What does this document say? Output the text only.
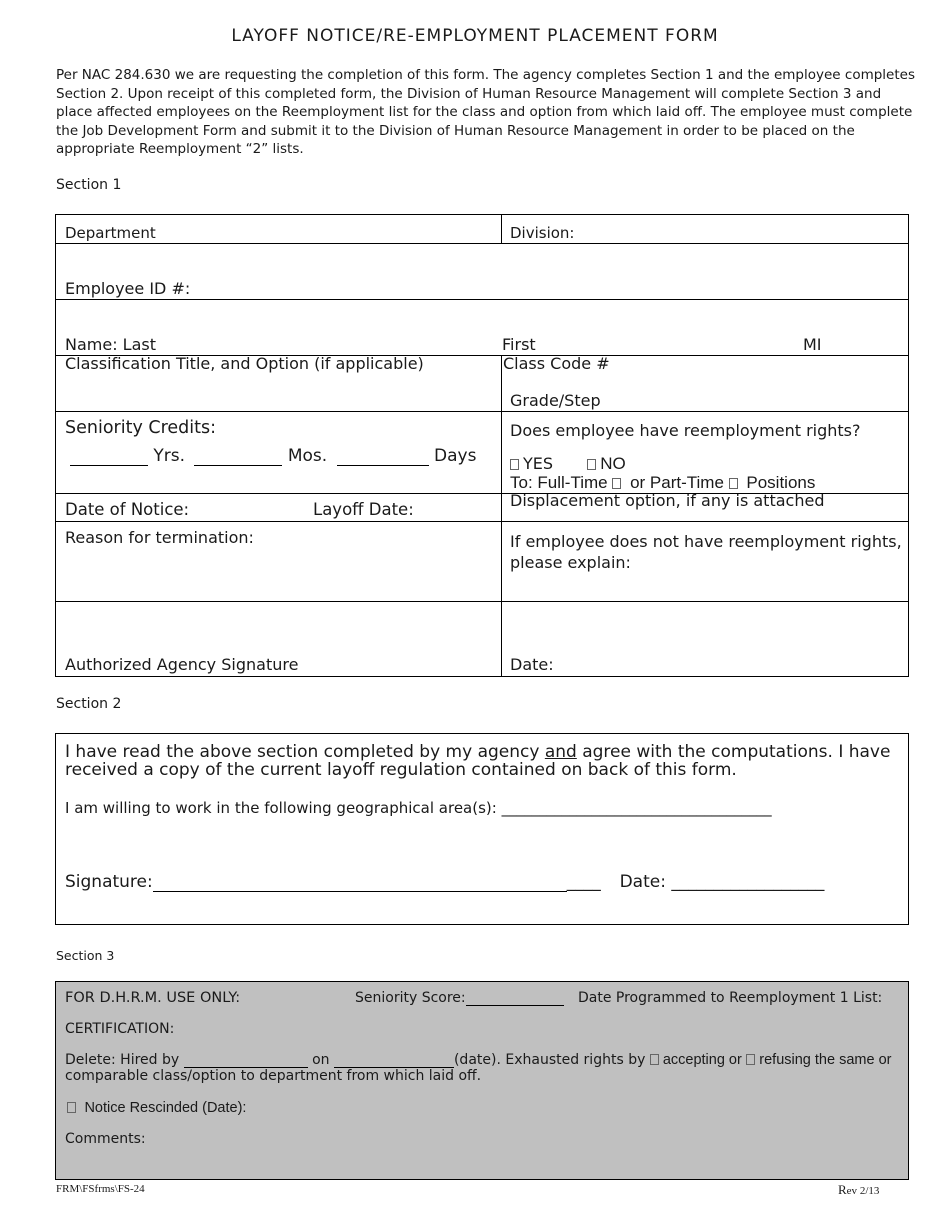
LAYOFF NOTICE/RE-EMPLOYMENT PLACEMENT FORM
Per NAC 284.630 we are requesting the completion of this form. The agency completes Section 1 and the employee completes Section 2. Upon receipt of this completed form, the Division of Human Resource Management will complete Section 3 and place affected employees on the Reemployment list for the class and option from which laid off. The employee must complete the Job Development Form and submit it to the Division of Human Resource Management in order to be placed on the appropriate Reemployment “2” lists.
Section 1
Department	Division:
Employee ID #:
Name: Last	First	MI
Classification Title, and Option (if applicable)	Class Code #
Grade/Step
Seniority Credits:
Yrs.	Mos.	Days
Does employee have reemployment rights?
YES	NO
To: Full-Time or Part-Time Positions
Displacement option, if any is attached
Date of Notice:	Layoff Date:
Reason for termination:	If employee does not have reemployment rights, please explain:
Authorized Agency Signature	Date:
Section 2
I have read the above section completed by my agency and agree with the computations. I have
received a copy of the current layoff regulation contained on back of this form.
I am willing to work in the following geographical area(s): ____________________________________
Signature:	____ Date: __________________
Section 3
FOR D.H.R.M. USE ONLY:	Seniority Score:	Date Programmed to Reemployment 1 List:
CERTIFICATION:
Delete: Hired by	on	(date). Exhausted rights by accepting or refusing the same or
comparable class/option to department from which laid off.
Notice Rescinded (Date):
Comments:
FRM\FSfrms\FS-24	Rev 2/13
